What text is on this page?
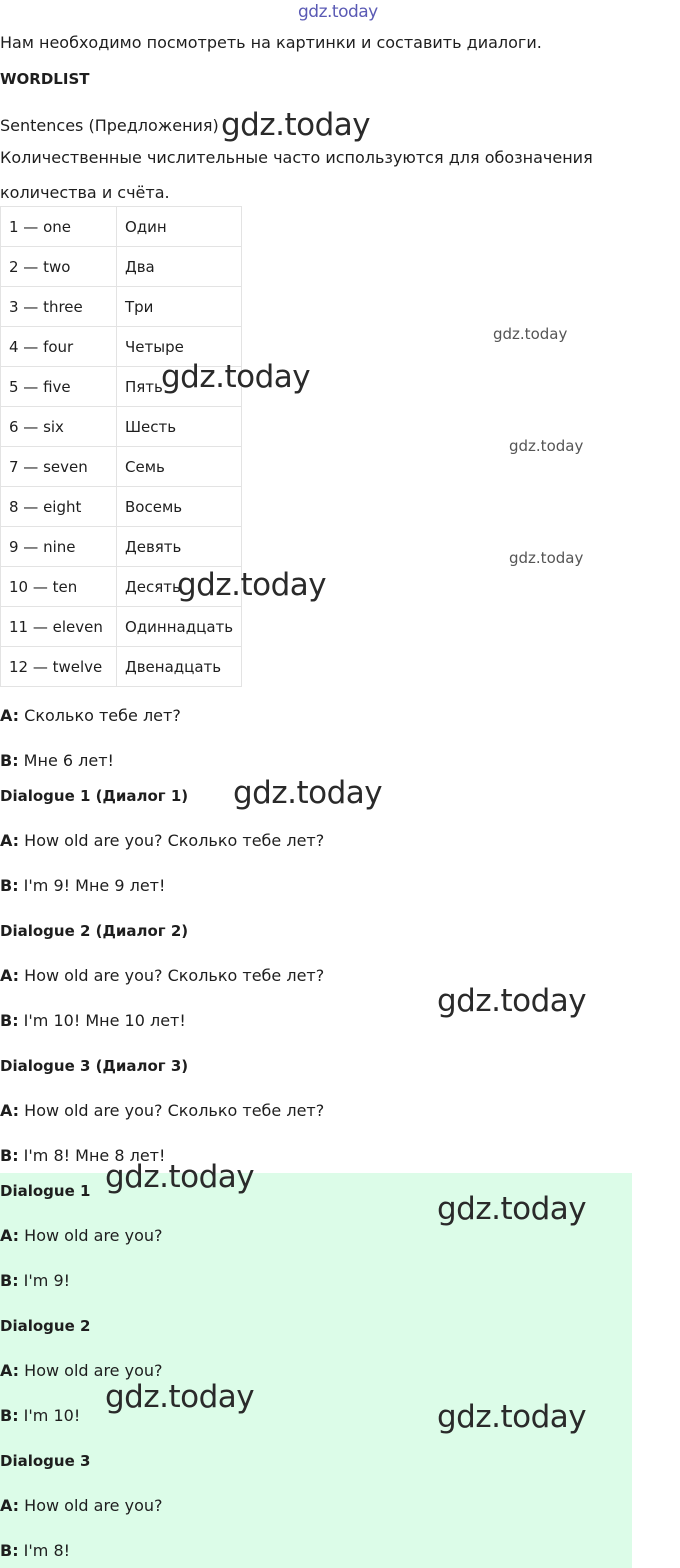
Нам необходимо посмотреть на картинки и составить диалоги.
WORDLIST
Sentences (Предложения)
Количественные числительные часто используются для обозначения количества и счёта.
1 — one	Один
2 — two	Два
3 — three	Три
4 — four	Четыре
5 — five	Пять
6 — six	Шесть
7 — seven	Семь
8 — eight	Восемь
9 — nine	Девять
10 — ten	Десять
11 — eleven	Одиннадцать
12 — twelve	Двенадцать
A: Сколько тебе лет?
B: Мне 6 лет!
Dialogue 1 (Диалог 1)
A: How old are you? Сколько тебе лет?
B: I'm 9! Мне 9 лет!
Dialogue 2 (Диалог 2)
A: How old are you? Сколько тебе лет?
B: I'm 10! Мне 10 лет!
Dialogue 3 (Диалог 3)
A: How old are you? Сколько тебе лет?
B: I'm 8! Мне 8 лет!
Dialogue 1
A: How old are you?
B: I'm 9!
Dialogue 2
A: How old are you?
B: I'm 10!
Dialogue 3
A: How old are you?
B: I'm 8!
gdz.today
gdz.today
gdz.today
gdz.today
gdz.today
gdz.today
gdz.today
gdz.today
gdz.today
gdz.today
gdz.today
gdz.today
gdz.today
